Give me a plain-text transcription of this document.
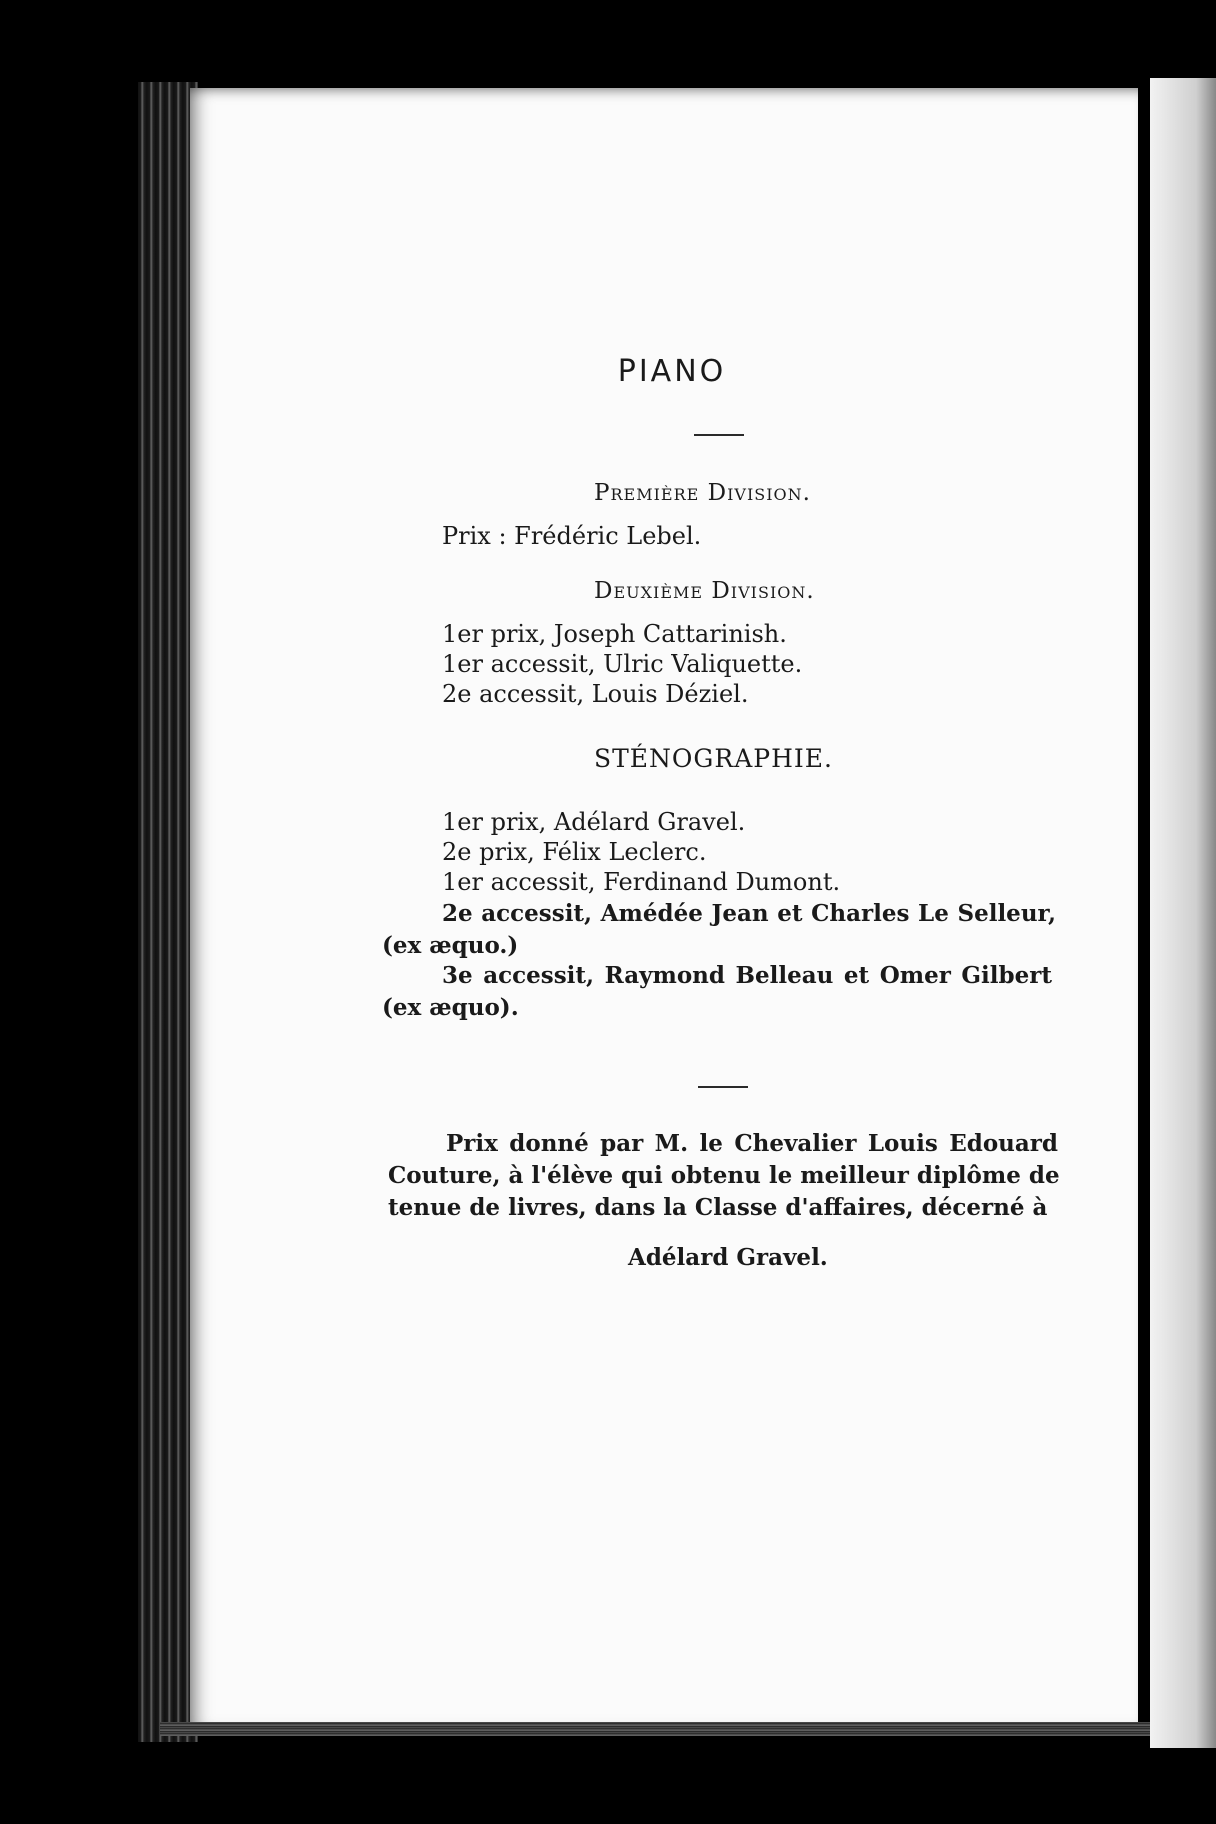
PIANO
Première Division.
Prix : Frédéric Lebel.
Deuxième Division.
1er prix, Joseph Cattarinish.
1er accessit, Ulric Valiquette.
2e accessit, Louis Déziel.
STÉNOGRAPHIE.
1er prix, Adélard Gravel.
2e prix, Félix Leclerc.
1er accessit, Ferdinand Dumont.
2e accessit, Amédée Jean et Charles Le Selleur,
(ex æquo.)
3e accessit, Raymond Belleau et Omer Gilbert
(ex æquo).
Prix donné par M. le Chevalier Louis Edouard
Couture, à l'élève qui obtenu le meilleur diplôme de
tenue de livres, dans la Classe d'affaires, décerné à
Adélard Gravel.
